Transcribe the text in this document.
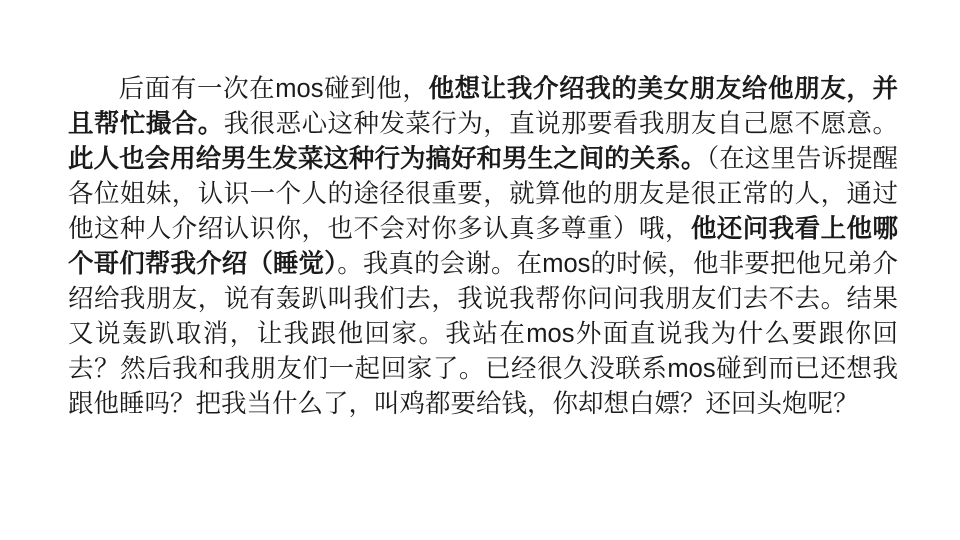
后面有一次在mos碰到他，他想让我介绍我的美女朋友给他朋友，并且帮忙撮合。我很恶心这种发菜行为，直说那要看我朋友自己愿不愿意。此人也会用给男生发菜这种行为搞好和男生之间的关系。（在这里告诉提醒各位姐妹，认识一个人的途径很重要，就算他的朋友是很正常的人，通过他这种人介绍认识你，也不会对你多认真多尊重）哦，他还问我看上他哪个哥们帮我介绍（睡觉）。我真的会谢。在mos的时候，他非要把他兄弟介绍给我朋友，说有轰趴叫我们去，我说我帮你问问我朋友们去不去。结果又说轰趴取消，让我跟他回家。我站在mos外面直说我为什么要跟你回去？然后我和我朋友们一起回家了。已经很久没联系mos碰到而已还想我跟他睡吗？把我当什么了，叫鸡都要给钱，你却想白嫖？还回头炮呢？
